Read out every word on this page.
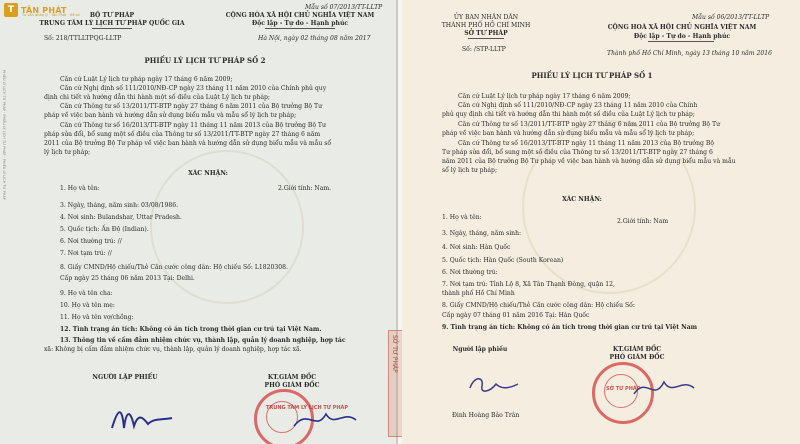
T TÂN PHÁT
Tư vấn pháp lý · Tân Phát · Hồ sơ
Mẫu số 07/2013/TT-LLTP
BỘ TƯ PHÁP
TRUNG TÂM LÝ LỊCH TƯ PHÁP QUỐC GIA
CỘNG HÒA XÃ HỘI CHỦ NGHĨA VIỆT NAM
Độc lập - Tự do - Hạnh phúc
Số: 218/TTLLTPQG-LLTP	Hà Nội, ngày 02 tháng 08 năm 2017
PHIẾU LÝ LỊCH TƯ PHÁP SỐ 2
Căn cứ Luật Lý lịch tư pháp ngày 17 tháng 6 năm 2009;
Căn cứ Nghị định số 111/2010/NĐ-CP ngày 23 tháng 11 năm 2010 của Chính phủ quy
định chi tiết và hướng dẫn thi hành một số điều của Luật Lý lịch tư pháp;
Căn cứ Thông tư số 13/2011/TT-BTP ngày 27 tháng 6 năm 2011 của Bộ trưởng Bộ Tư
pháp về việc ban hành và hướng dẫn sử dụng biểu mẫu và mẫu sổ lý lịch tư pháp;
Căn cứ Thông tư số 16/2013/TT-BTP ngày 11 tháng 11 năm 2013 của Bộ trưởng Bộ Tư
pháp sửa đổi, bổ sung một số điều của Thông tư số 13/2011/TT-BTP ngày 27 tháng 6 năm
2011 của Bộ trưởng Bộ Tư pháp về việc ban hành và hướng dẫn sử dụng biểu mẫu và mẫu sổ
lý lịch tư pháp;
XÁC NHẬN:
1. Họ và tên:	2.Giới tính: Nam.
3. Ngày, tháng, năm sinh: 03/08/1986.
4. Nơi sinh: Bulandshar, Uttar Pradesh.
5. Quốc tịch: Ấn Độ (Indian).
6. Nơi thường trú: //
7. Nơi tạm trú: //
8. Giấy CMND/Hộ chiếu/Thẻ Căn cước công dân: Hộ chiếu Số: L1820308.
Cấp ngày 25 tháng 06 năm 2013 Tại: Delhi.
9. Họ và tên cha:
10. Họ và tên mẹ:
11. Họ và tên vợ/chồng:
12. Tình trạng án tích: Không có án tích trong thời gian cư trú tại Việt Nam.
13. Thông tin về cấm đảm nhiệm chức vụ, thành lập, quản lý doanh nghiệp, hợp tác
xã: Không bị cấm đảm nhiệm chức vụ, thành lập, quản lý doanh nghiệp, hợp tác xã.
NGƯỜI LẬP PHIẾU	KT.GIÁM ĐỐC
PHÓ GIÁM ĐỐC
TRUNG TÂM LÝ LỊCH TƯ PHÁP
PHIẾU LÝ LỊCH TƯ PHÁP · PHIẾU LÝ LỊCH TƯ PHÁP · PHIẾU LÝ LỊCH TƯ PHÁP
SỞ TƯ PHÁP
Mẫu số 06/2013/TT-LLTP
ỦY BAN NHÂN DÂN
THÀNH PHỐ HỒ CHÍ MINH
SỞ TƯ PHÁP
CỘNG HOÀ XÃ HỘI CHỦ NGHĨA VIỆT NAM
Độc lập - Tự do - Hạnh phúc
Số: /STP-LLTP
Thành phố Hồ Chí Minh, ngày 13 tháng 10 năm 2016
PHIẾU LÝ LỊCH TƯ PHÁP SỐ 1
Căn cứ Luật Lý lịch tư pháp ngày 17 tháng 6 năm 2009;
Căn cứ Nghị định số 111/2010/NĐ-CP ngày 23 tháng 11 năm 2010 của Chính
phủ quy định chi tiết và hướng dẫn thi hành một số điều của Luật Lý lịch tư pháp;
Căn cứ Thông tư số 13/2011/TT-BTP ngày 27 tháng 6 năm 2011 của Bộ trưởng Bộ Tư
pháp về việc ban hành và hướng dẫn sử dụng biểu mẫu và mẫu sổ lý lịch tư pháp;
Căn cứ Thông tư số 16/2013/TT-BTP ngày 11 tháng 11 năm 2013 của Bộ trưởng Bộ
Tư pháp sửa đổi, bổ sung một số điều của Thông tư số 13/2011/TT-BTP ngày 27 tháng 6
năm 2011 của Bộ trưởng Bộ Tư pháp về việc ban hành và hướng dẫn sử dụng biểu mẫu và mẫu
sổ lý lịch tư pháp;
XÁC NHẬN:
1. Họ và tên:
2.Giới tính: Nam
3. Ngày, tháng, năm sinh:
4. Nơi sinh: Hàn Quốc
5. Quốc tịch: Hàn Quốc (South Korean)
6. Nơi thường trú:
7. Nơi tạm trú: Tỉnh Lộ 8, Xã Tân Thạnh Đông, quận 12,
thành phố Hồ Chí Minh
8. Giấy CMND/Hộ chiếu/Thẻ Căn cước công dân: Hộ chiếu Số:
Cấp ngày 07 tháng 01 năm 2016 Tại: Hàn Quốc
9. Tình trạng án tích: Không có án tích trong thời gian cư trú tại Việt Nam
Người lập phiếu	KT.GIÁM ĐỐC
PHÓ GIÁM ĐỐC
Đinh Hoàng Bảo Trân
SỞ TƯ PHÁP
